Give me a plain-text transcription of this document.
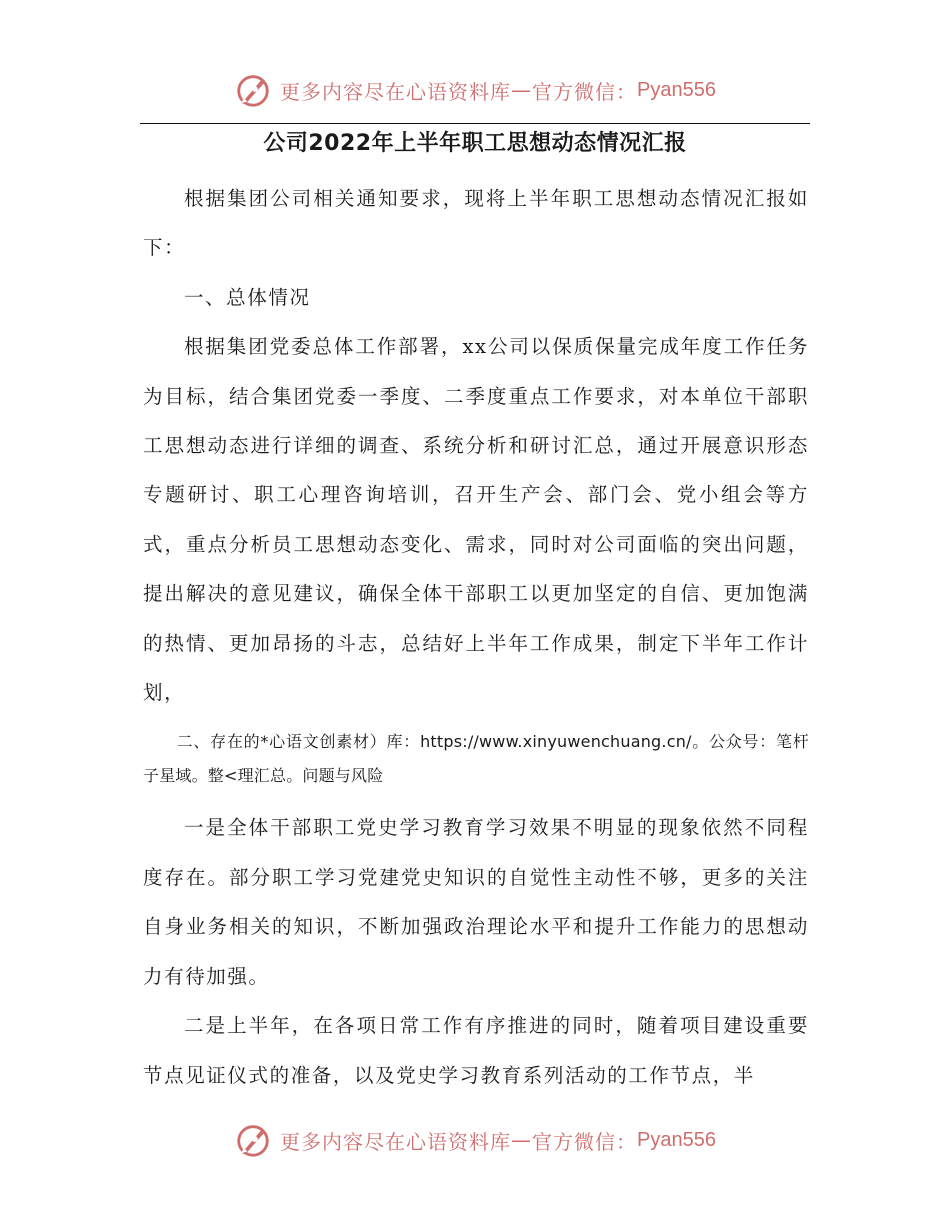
更多内容尽在心语资料库 — 官方微信： Pyan556
公司2022年上半年职工思想动态情况汇报

根据集团公司相关通知要求，现将上半年职工思想动态情况汇报如下：

一、总体情况

根据集团党委总体工作部署，xx公司以保质保量完成年度工作任务为目标，结合集团党委一季度、二季度重点工作要求，对本单位干部职工思想动态进行详细的调查、系统分析和研讨汇总，通过开展意识形态专题研讨、职工心理咨询培训，召开生产会、部门会、党小组会等方式，重点分析员工思想动态变化、需求，同时对公司面临的突出问题，提出解决的意见建议，确保全体干部职工以更加坚定的自信、更加饱满的热情、更加昂扬的斗志，总结好上半年工作成果，制定下半年工作计划，

二、存在的*心语文创素材）库：https://www.xinyuwenchuang.cn/。公众号：笔杆子星域。整<理汇总。问题与风险

一是全体干部职工党史学习教育学习效果不明显的现象依然不同程度存在。部分职工学习党建党史知识的自觉性主动性不够，更多的关注自身业务相关的知识，不断加强政治理论水平和提升工作能力的思想动力有待加强。

二是上半年，在各项日常工作有序推进的同时，随着项目建设重要节点见证仪式的准备，以及党史学习教育系列活动的工作节点，半

更多内容尽在心语资料库 — 官方微信： Pyan556
